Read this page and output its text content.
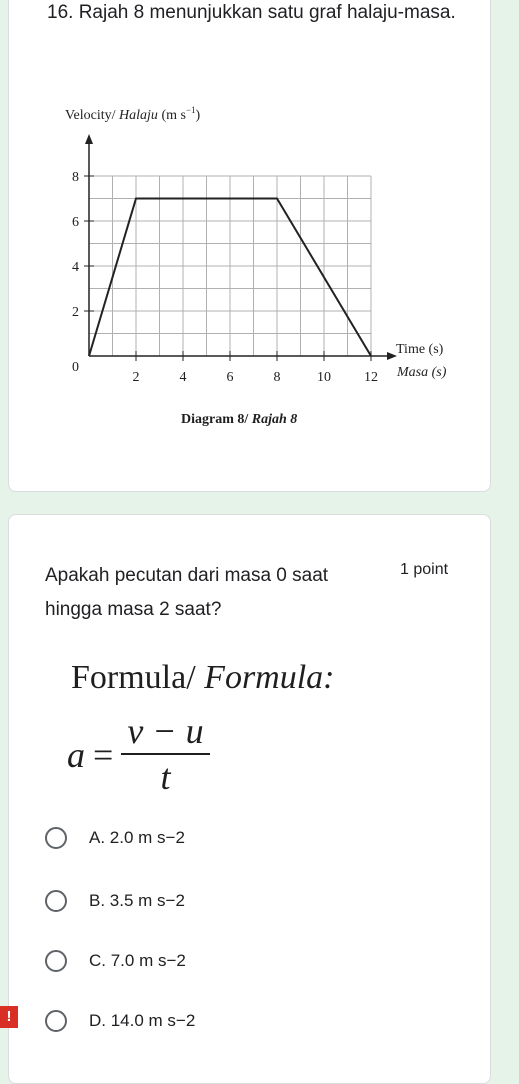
16. Rajah 8 menunjukkan satu graf halaju-masa.
Velocity/ Halaju (m $s^{-1}$)
2	4	6	8	10 12
2
4
6
8
0
Time (s)
Masa (s)
Diagram 8/ Rajah 8
Apakah pecutan dari masa 0 saat hingga masa 2 saat?
1 point
Formula/ Formula:
$a = \frac{v - u}{t}$
A. 2.0 m s−2
B. 3.5 m s−2
C. 7.0 m s−2
D. 14.0 m s−2
!
